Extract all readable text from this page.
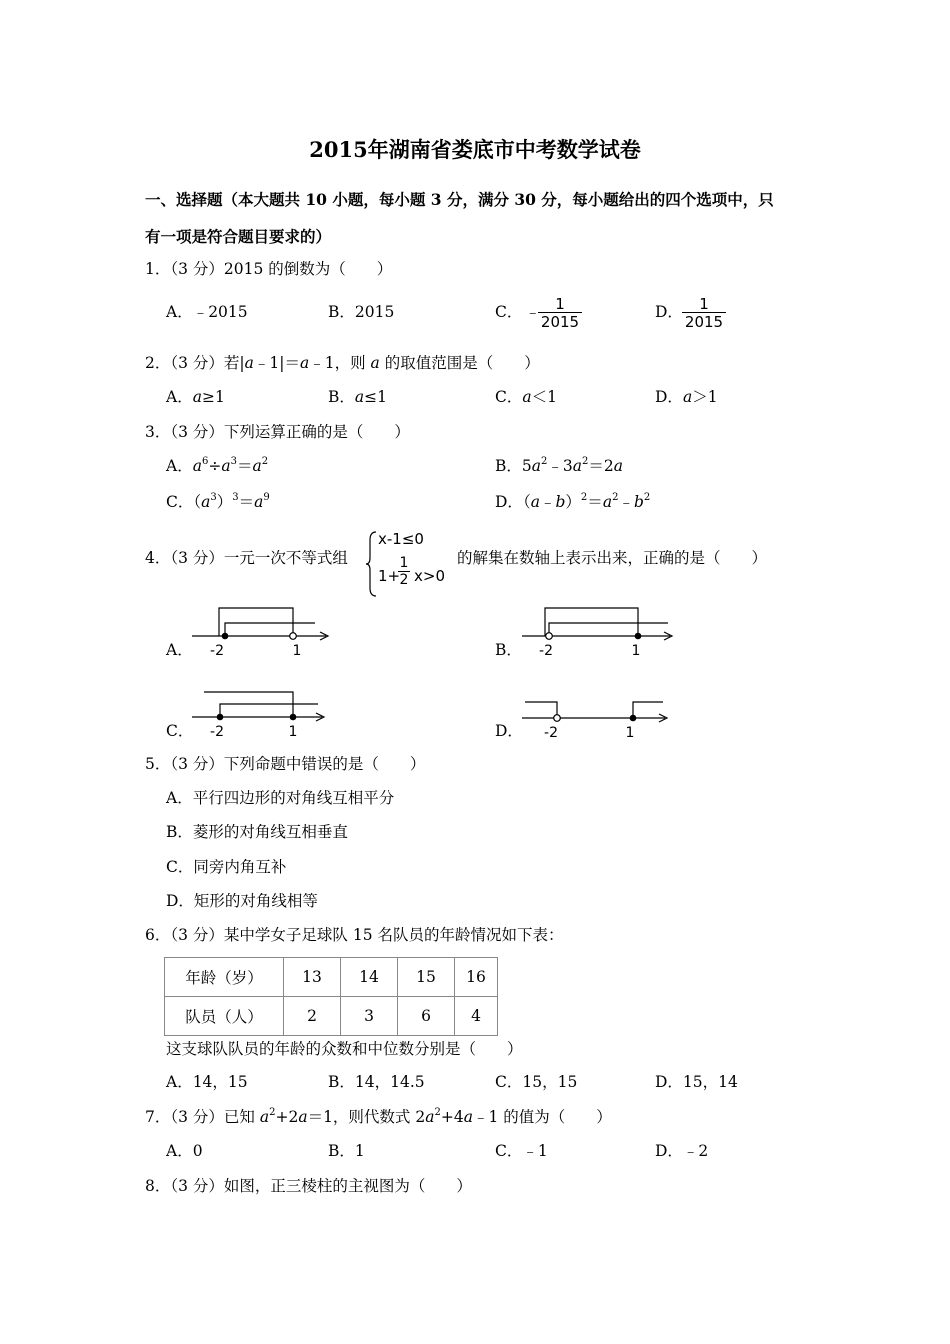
2015年湖南省娄底市中考数学试卷
一、选择题（本大题共 10 小题，每小题 3 分，满分 30 分，每小题给出的四个选项中，只
有一项是符合题目要求的）
1．（3 分）2015 的倒数为（　　）
A．﹣2015	B．2015	C． ﹣ 1
2015
D．	1
2015
2．（3 分）若|a﹣1|＝a﹣1，则 a 的取值范围是（　　）
A．a≥1	B．a≤1	C．a＜1	D．a＞1
3．（3 分）下列运算正确的是（　　）
A．$a^6\div a^3=a^2$	B．$5a^2﹣3a^2=2a$
C．$(a^3)^3=a^9$	D．$(a﹣b)^2=a^2﹣b^2$
4．（3 分）一元一次不等式组
x-1≤0
1+
1
2 x>0
的解集在数轴上表示出来，正确的是（　　）
A． -2	1	B． -2	1
C． -2	1	D． -2	1
5．（3 分）下列命题中错误的是（　　）
A．平行四边形的对角线互相平分
B．菱形的对角线互相垂直
C．同旁内角互补
D．矩形的对角线相等
6．（3 分）某中学女子足球队 15 名队员的年龄情况如下表：
年龄（岁）	13	14	15	16
队员（人）	2	3	6	4
这支球队队员的年龄的众数和中位数分别是（　　）
A．14，15	B．14，14.5	C．15，15	D．15，14
7．（3 分）已知 $a^2+2a=1$，则代数式 $2a^2+4a﹣1$ 的值为（　　）
A．0	B．1	C．﹣1	D．﹣2
8．（3 分）如图，正三棱柱的主视图为（　　）
